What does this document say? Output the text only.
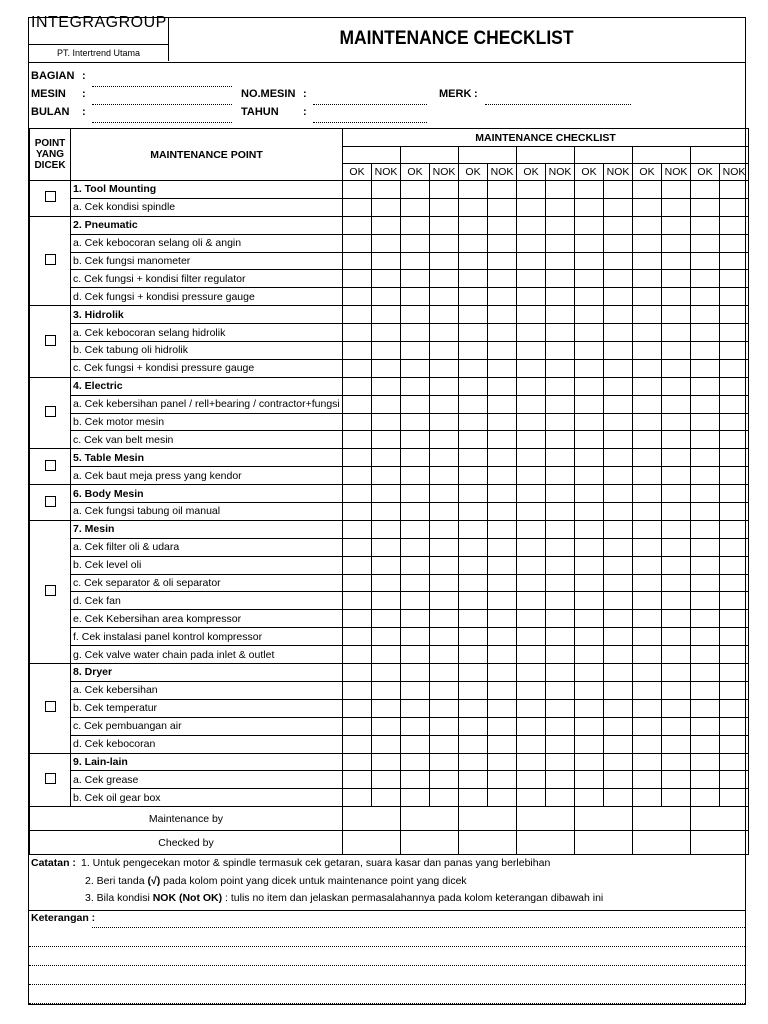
INTEGRAGROUP
PT. Intertrend Utama
MAINTENANCE CHECKLIST
BAGIAN :
MESIN :
BULAN :
NO.MESIN :
TAHUN :
MERK :
POINT YANG DICEK	MAINTENANCE POINT	MAINTENANCE CHECKLIST													

		OK	NOK	OK	NOK	OK	NOK	OK	NOK	OK	NOK	OK	NOK	OK	NOK
	1. Tool Mounting														
	a. Cek kondisi spindle														
	2. Pneumatic														
	a. Cek kebocoran selang oli & angin														
	b. Cek fungsi manometer														
	c. Cek fungsi + kondisi filter regulator														
	d. Cek fungsi + kondisi pressure gauge														
	3. Hidrolik														
	a. Cek kebocoran selang hidrolik														
	b. Cek tabung oli hidrolik														
	c. Cek fungsi + kondisi pressure gauge														
	4. Electric														
	a. Cek kebersihan panel / rell+bearing / contractor+fungsi														
	b. Cek motor mesin														
	c. Cek van belt mesin														
	5. Table Mesin														
	a. Cek baut meja press yang kendor														
	6. Body Mesin														
	a. Cek fungsi tabung oil manual														
	7. Mesin														
	a. Cek filter oli & udara														
	b. Cek level oli														
	c. Cek separator & oli separator														
	d. Cek fan														
	e. Cek Kebersihan area kompressor														
	f. Cek instalasi panel kontrol kompressor														
	g. Cek valve water chain pada inlet & outlet														
	8. Dryer														
	a. Cek kebersihan														
	b. Cek temperatur														
	c. Cek pembuangan air														
	d. Cek kebocoran														
	9. Lain-lain														
	a. Cek grease														
	b. Cek oil gear box														
Maintenance by															
Checked by															
Catatan : 1. Untuk pengecekan motor & spindle termasuk cek getaran, suara kasar dan panas yang berlebihan
2. Beri tanda (√) pada kolom point yang dicek untuk maintenance point yang dicek
3. Bila kondisi NOK (Not OK) : tulis no item dan jelaskan permasalahannya pada kolom keterangan dibawah ini
Keterangan :
